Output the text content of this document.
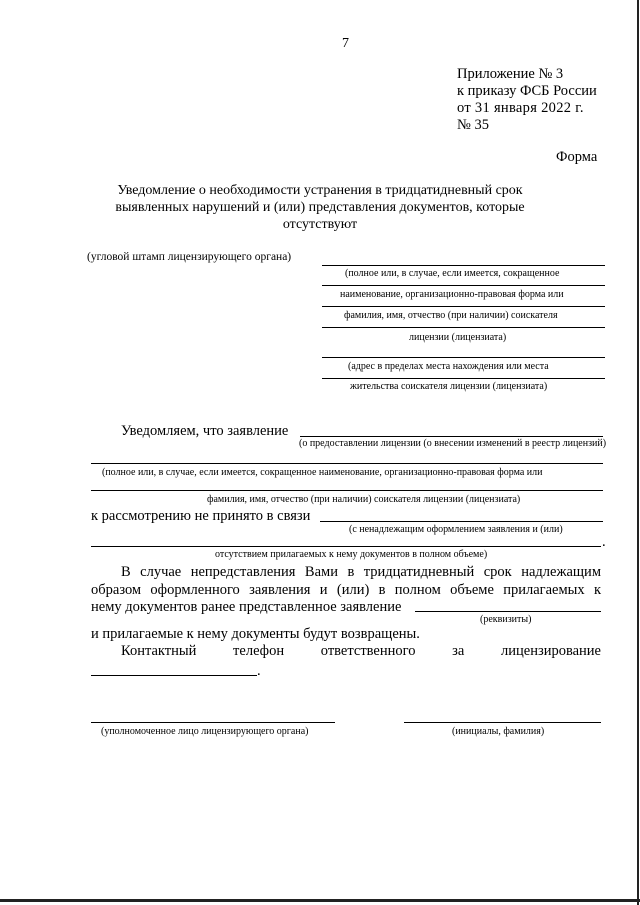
7
Приложение № 3
к приказу ФСБ России
от 31 января 2022 г.
№ 35
Форма
Уведомление о необходимости устранения в тридцатидневный срок
выявленных нарушений и (или) представления документов, которые
отсутствуют
(угловой штамп лицензирующего органа)
(полное или, в случае, если имеется, сокращенное
наименование, организационно-правовая форма или
фамилия, имя, отчество (при наличии) соискателя
лицензии (лицензиата)
(адрес в пределах места нахождения или места
жительства соискателя лицензии (лицензиата)
Уведомляем, что заявление
(о предоставлении лицензии (о внесении изменений в реестр лицензий)
(полное или, в случае, если имеется, сокращенное наименование, организационно-правовая форма или
фамилия, имя, отчество (при наличии) соискателя лицензии (лицензиата)
к рассмотрению не принято в связи
(с ненадлежащим оформлением заявления и (или)
.
отсутствием прилагаемых к нему документов в полном объеме)
В случае непредставления Вами в тридцатидневный срок надлежащим
образом оформленного заявления и (или) в полном объеме прилагаемых к
нему документов ранее представленное заявление
(реквизиты)
и прилагаемые к нему документы будут возвращены.
Контактный телефон ответственного за лицензирование
.
(уполномоченное лицо лицензирующего органа)	(инициалы, фамилия)
